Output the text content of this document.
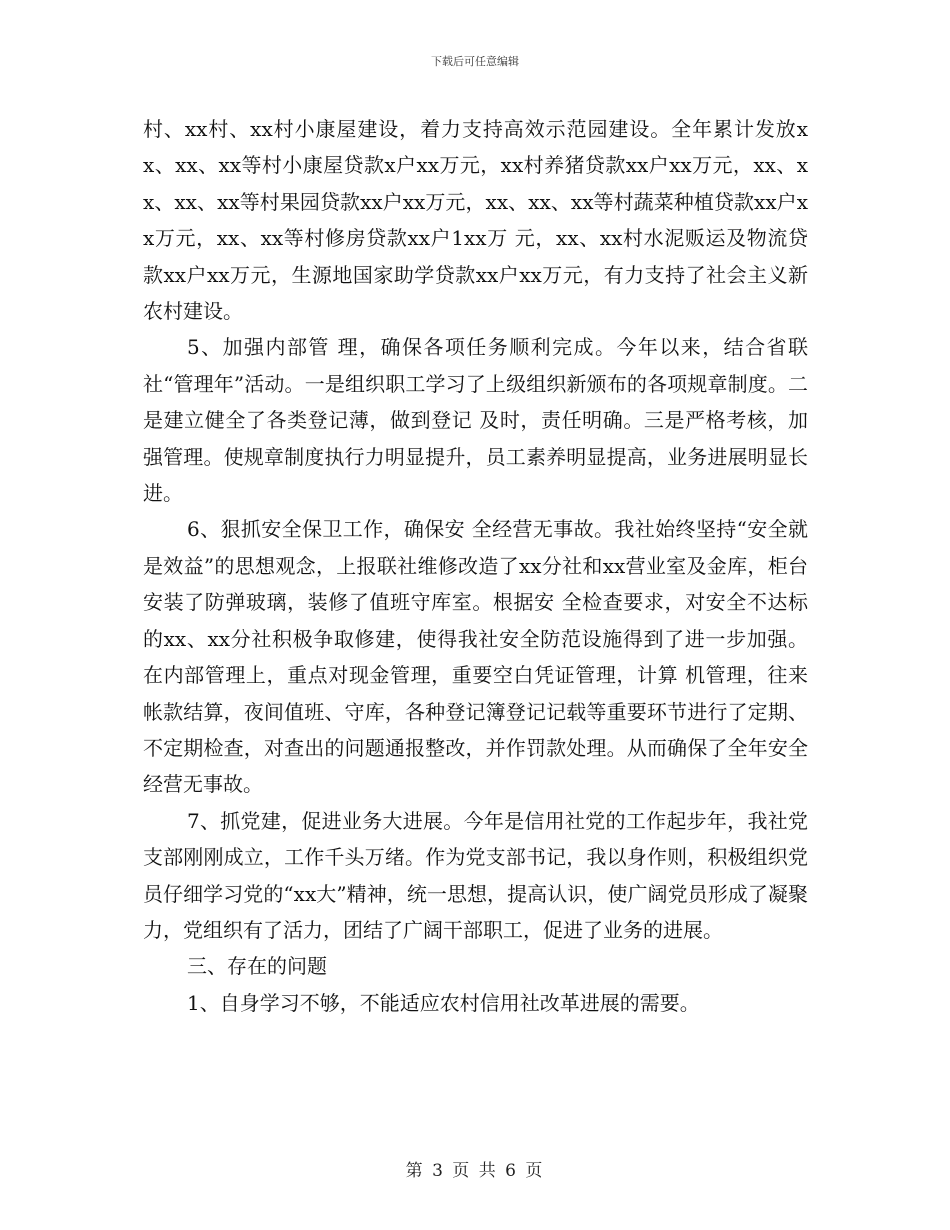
下载后可任意编辑

村、xx村、xx村小康屋建设，着力支持高效示范园建设。全年累计发放xx、xx、xx等村小康屋贷款x户xx万元，xx村养猪贷款xx户xx万元，xx、xx、xx、xx等村果园贷款xx户xx万元，xx、xx、xx等村蔬菜种植贷款xx户xx万元，xx、xx等村修房贷款xx户1xx万 元，xx、xx村水泥贩运及物流贷款xx户xx万元，生源地国家助学贷款xx户xx万元，有力支持了社会主义新农村建设。

5、加强内部管 理，确保各项任务顺利完成。今年以来，结合省联社“管理年”活动。一是组织职工学习了上级组织新颁布的各项规章制度。二是建立健全了各类登记薄，做到登记 及时，责任明确。三是严格考核，加强管理。使规章制度执行力明显提升，员工素养明显提高，业务进展明显长进。

6、狠抓安全保卫工作，确保安 全经营无事故。我社始终坚持“安全就是效益”的思想观念，上报联社维修改造了xx分社和xx营业室及金库，柜台安装了防弹玻璃，装修了值班守库室。根据安 全检查要求，对安全不达标的xx、xx分社积极争取修建，使得我社安全防范设施得到了进一步加强。在内部管理上，重点对现金管理，重要空白凭证管理，计算 机管理，往来帐款结算，夜间值班、守库，各种登记簿登记记载等重要环节进行了定期、不定期检查，对查出的问题通报整改，并作罚款处理。从而确保了全年安全 经营无事故。

7、抓党建，促进业务大进展。今年是信用社党的工作起步年，我社党支部刚刚成立，工作千头万绪。作为党支部书记，我以身作则，积极组织党员仔细学习党的“xx大”精神，统一思想，提高认识，使广阔党员形成了凝聚力，党组织有了活力，团结了广阔干部职工，促进了业务的进展。

三、存在的问题

1、自身学习不够，不能适应农村信用社改革进展的需要。

第 3 页 共 6 页
